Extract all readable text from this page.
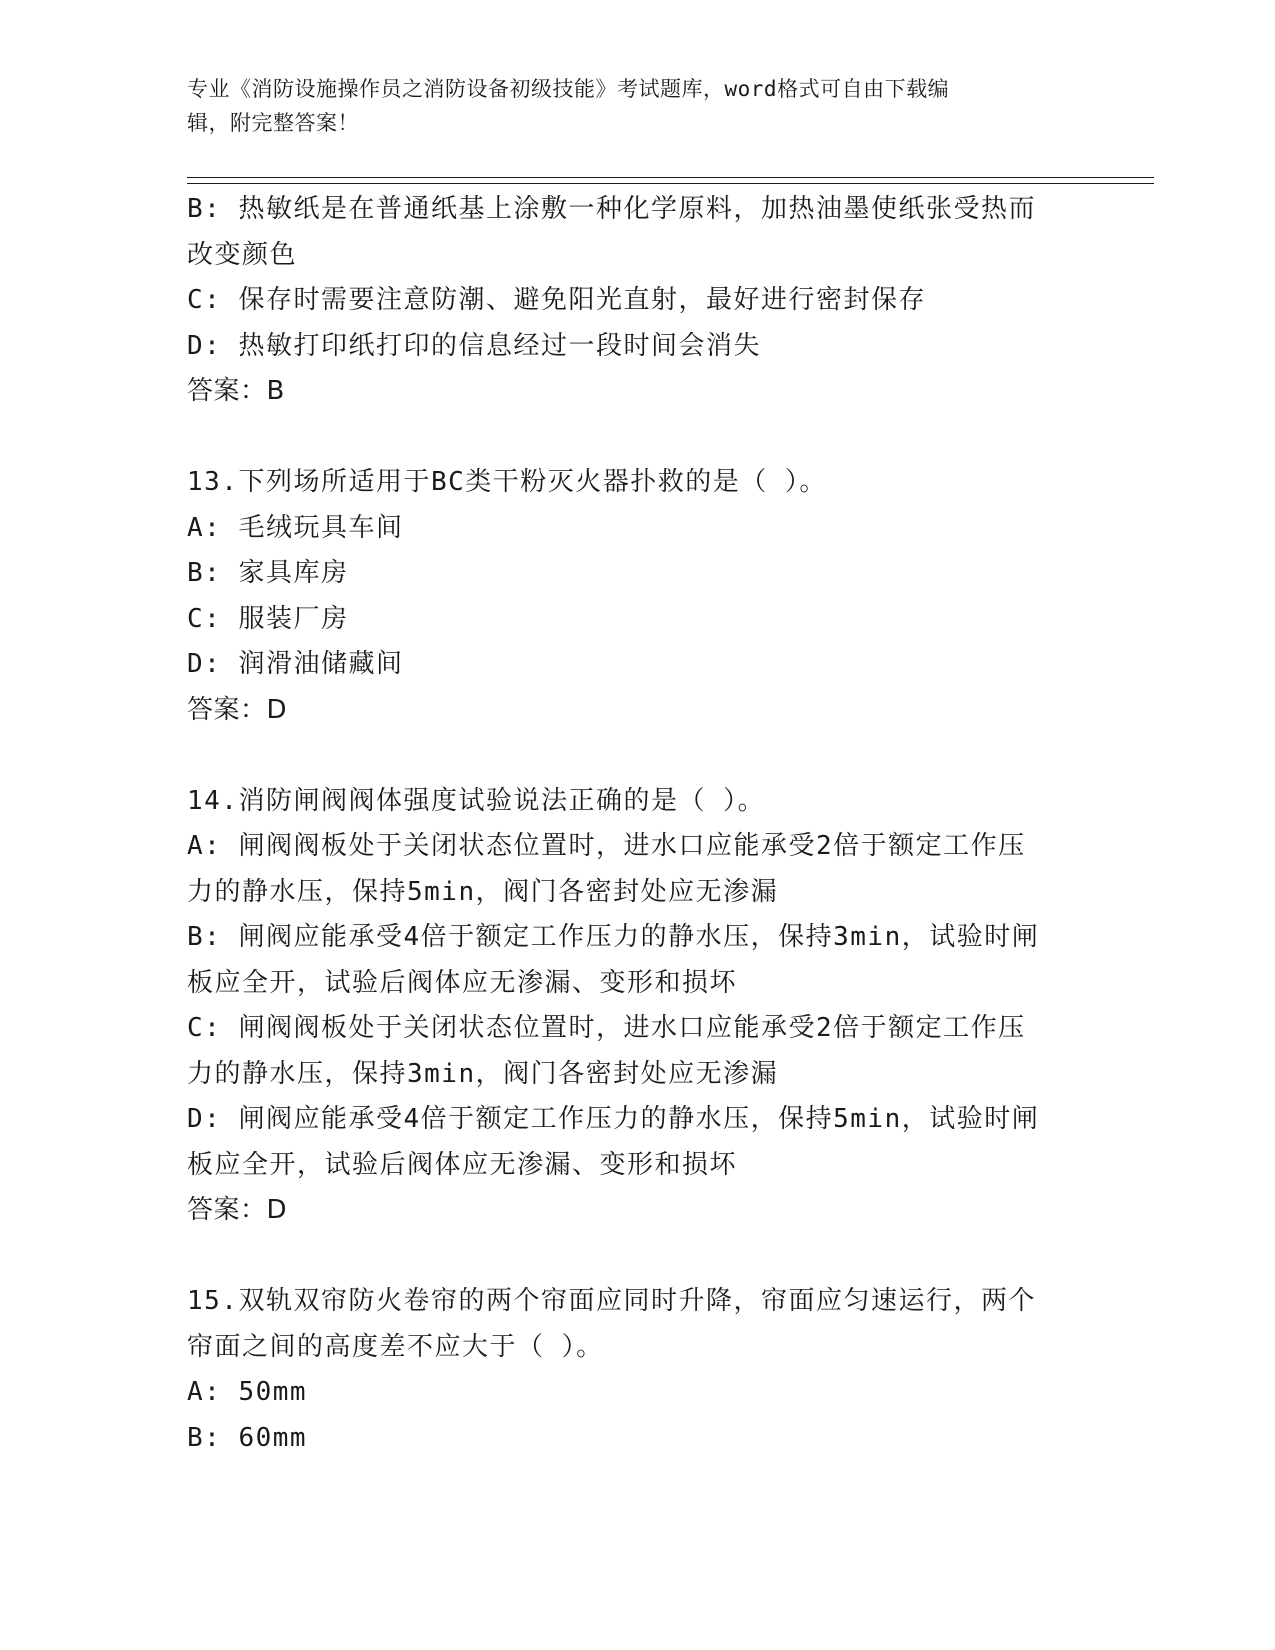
专业《消防设施操作员之消防设备初级技能》考试题库，word格式可自由下载编
辑，附完整答案！
B: 热敏纸是在普通纸基上涂敷一种化学原料，加热油墨使纸张受热而
改变颜色
C: 保存时需要注意防潮、避免阳光直射，最好进行密封保存
D: 热敏打印纸打印的信息经过一段时间会消失
答案：B
13.下列场所适用于BC类干粉灭火器扑救的是（ ）。
A: 毛绒玩具车间
B: 家具库房
C: 服装厂房
D: 润滑油储藏间
答案：D
14.消防闸阀阀体强度试验说法正确的是（ ）。
A: 闸阀阀板处于关闭状态位置时，进水口应能承受2倍于额定工作压
力的静水压，保持5min，阀门各密封处应无渗漏
B: 闸阀应能承受4倍于额定工作压力的静水压，保持3min，试验时闸
板应全开，试验后阀体应无渗漏、变形和损坏
C: 闸阀阀板处于关闭状态位置时，进水口应能承受2倍于额定工作压
力的静水压，保持3min，阀门各密封处应无渗漏
D: 闸阀应能承受4倍于额定工作压力的静水压，保持5min，试验时闸
板应全开，试验后阀体应无渗漏、变形和损坏
答案：D
15.双轨双帘防火卷帘的两个帘面应同时升降，帘面应匀速运行，两个
帘面之间的高度差不应大于（ ）。
A: 50mm
B: 60mm
